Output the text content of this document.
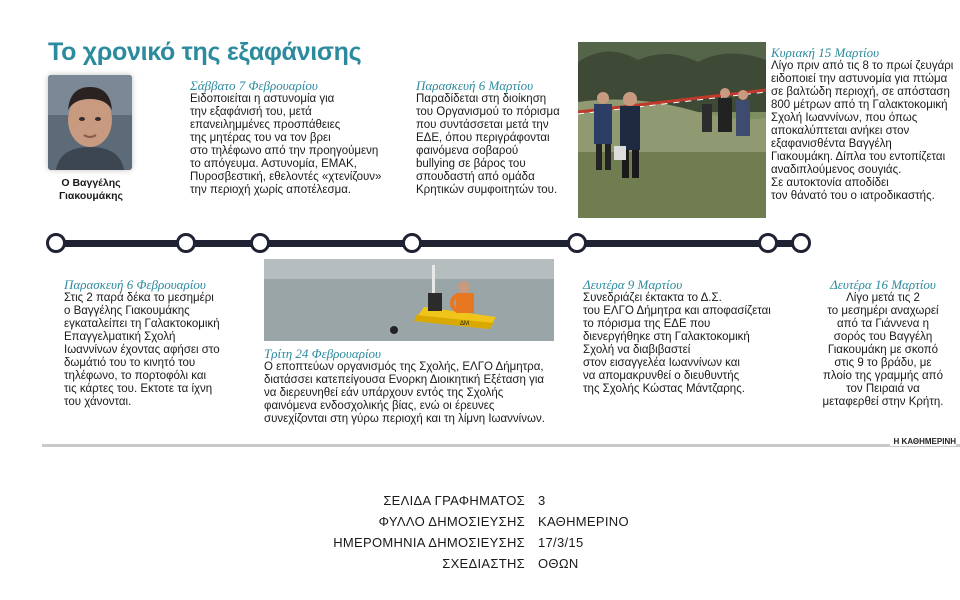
Το χρονικό της εξαφάνισης
Ο Βαγγέλης
Γιακουμάκης
Σάββατο 7 Φεβρουαρίου
Ειδοποιείται η αστυνομία για
την εξαφάνισή του, μετά
επανειλημμένες προσπάθειες
της μητέρας του να τον βρει
στο τηλέφωνο από την προηγούμενη
το απόγευμα. Αστυνομία, ΕΜΑΚ,
Πυροσβεστική, εθελοντές «χτενίζουν»
την περιοχή χωρίς αποτέλεσμα.
Παρασκευή 6 Μαρτίου
Παραδίδεται στη διοίκηση
του Οργανισμού το πόρισμα
που συντάσσεται μετά την
ΕΔΕ, όπου περιγράφονται
φαινόμενα σοβαρού
bullying σε βάρος του
σπουδαστή από ομάδα
Κρητικών συμφοιτητών του.
Κυριακή 15 Μαρτίου
Λίγο πριν από τις 8 το πρωί ζευγάρι
ειδοποιεί την αστυνομία για πτώμα
σε βαλτώδη περιοχή, σε απόσταση
800 μέτρων από τη Γαλακτοκομική
Σχολή Ιωαννίνων, που όπως
αποκαλύπτεται ανήκει στον
εξαφανισθέντα Βαγγέλη
Γιακουμάκη. Δίπλα του εντοπίζεται
αναδιπλούμενος σουγιάς.
Σε αυτοκτονία αποδίδει
τον θάνατό του ο ιατροδικαστής.
ΔΜ
Παρασκευή 6 Φεβρουαρίου
Στις 2 παρά δέκα το μεσημέρι
ο Βαγγέλης Γιακουμάκης
εγκαταλείπει τη Γαλακτοκομική
Επαγγελματική Σχολή
Ιωαννίνων έχοντας αφήσει στο
δωμάτιό του το κινητό του
τηλέφωνο, το πορτοφόλι και
τις κάρτες του. Εκτοτε τα ίχνη
του χάνονται.
Τρίτη 24 Φεβρουαρίου
Ο εποπτεύων οργανισμός της Σχολής, ΕΛΓΟ Δήμητρα,
διατάσσει κατεπείγουσα Ενορκη Διοικητική Εξέταση για
να διερευνηθεί εάν υπάρχουν εντός της Σχολής
φαινόμενα ενδοσχολικής βίας, ενώ οι έρευνες
συνεχίζονται στη γύρω περιοχή και τη λίμνη Ιωαννίνων.
Δευτέρα 9 Μαρτίου
Συνεδριάζει έκτακτα το Δ.Σ.
του ΕΛΓΟ Δήμητρα και αποφασίζεται
το πόρισμα της ΕΔΕ που
διενεργήθηκε στη Γαλακτοκομική
Σχολή να διαβιβαστεί
στον εισαγγελέα Ιωαννίνων και
να απομακρυνθεί ο διευθυντής
της Σχολής Κώστας Μάντζαρης.
Δευτέρα 16 Μαρτίου
Λίγο μετά τις 2
το μεσημέρι αναχωρεί
από τα Γιάννενα η
σορός του Βαγγέλη
Γιακουμάκη με σκοπό
στις 9 το βράδυ, με
πλοίο της γραμμής από
τον Πειραιά να
μεταφερθεί στην Κρήτη.
Η ΚΑΘΗΜΕΡΙΝΗ
ΣΕΛΙΔΑ ΓΡΑΦΗΜΑΤΟΣ 3
ΦΥΛΛΟ ΔΗΜΟΣΙΕΥΣΗΣ ΚΑΘΗΜΕΡΙΝΟ
ΗΜΕΡΟΜΗΝΙΑ ΔΗΜΟΣΙΕΥΣΗΣ 17/3/15
ΣΧΕΔΙΑΣΤΗΣ ΟΘΩΝ
